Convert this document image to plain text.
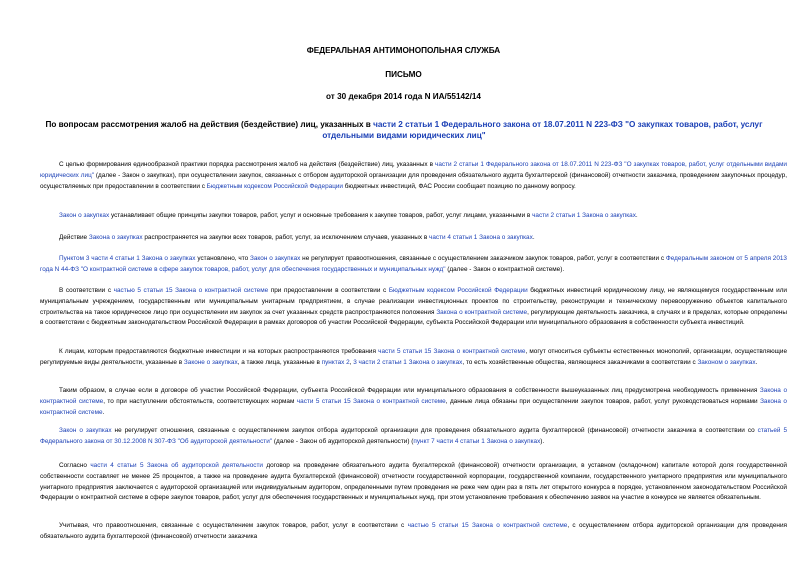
ФЕДЕРАЛЬНАЯ АНТИМОНОПОЛЬНАЯ СЛУЖБА
ПИСЬМО
от 30 декабря 2014 года N ИА/55142/14
По вопросам рассмотрения жалоб на действия (бездействие) лиц, указанных в части 2 статьи 1 Федерального закона от 18.07.2011 N 223-ФЗ "О закупках товаров, работ, услуг отдельными видами юридических лиц"
С целью формирования единообразной практики порядка рассмотрения жалоб на действия (бездействие) лиц, указанных в части 2 статьи 1 Федерального закона от 18.07.2011 N 223-ФЗ "О закупках товаров, работ, услуг отдельными видами юридических лиц" (далее - Закон о закупках), при осуществлении закупок, связанных с отбором аудиторской организации для проведения обязательного аудита бухгалтерской (финансовой) отчетности заказчика, проведением закупочных процедур, осуществляемых при предоставлении в соответствии с Бюджетным кодексом Российской Федерации бюджетных инвестиций, ФАС России сообщает позицию по данному вопросу.
Закон о закупках устанавливает общие принципы закупки товаров, работ, услуг и основные требования к закупке товаров, работ, услуг лицами, указанными в части 2 статьи 1 Закона о закупках.
Действие Закона о закупках распространяется на закупки всех товаров, работ, услуг, за исключением случаев, указанных в части 4 статьи 1 Закона о закупках.
Пунктом 3 части 4 статьи 1 Закона о закупках установлено, что Закон о закупках не регулирует правоотношения, связанные с осуществлением заказчиком закупок товаров, работ, услуг в соответствии с Федеральным законом от 5 апреля 2013 года N 44-ФЗ "О контрактной системе в сфере закупок товаров, работ, услуг для обеспечения государственных и муниципальных нужд" (далее - Закон о контрактной системе).
В соответствии с частью 5 статьи 15 Закона о контрактной системе при предоставлении в соответствии с Бюджетным кодексом Российской Федерации бюджетных инвестиций юридическому лицу, не являющемуся государственным или муниципальным учреждением, государственным или муниципальным унитарным предприятием, в случае реализации инвестиционных проектов по строительству, реконструкции и техническому перевооружению объектов капитального строительства на такое юридическое лицо при осуществлении им закупок за счет указанных средств распространяются положения Закона о контрактной системе, регулирующие деятельность заказчика, в случаях и в пределах, которые определены в соответствии с бюджетным законодательством Российской Федерации в рамках договоров об участии Российской Федерации, субъекта Российской Федерации или муниципального образования в собственности субъекта инвестиций.
К лицам, которым предоставляются бюджетные инвестиции и на которых распространяются требования части 5 статьи 15 Закона о контрактной системе, могут относиться субъекты естественных монополий, организации, осуществляющие регулируемые виды деятельности, указанные в Законе о закупках, а также лица, указанные в пунктах 2, 3 части 2 статьи 1 Закона о закупках, то есть хозяйственные общества, являющиеся заказчиками в соответствии с Законом о закупках.
Таким образом, в случае если в договоре об участии Российской Федерации, субъекта Российской Федерации или муниципального образования в собственности вышеуказанных лиц предусмотрена необходимость применения Закона о контрактной системе, то при наступлении обстоятельств, соответствующих нормам части 5 статьи 15 Закона о контрактной системе, данные лица обязаны при осуществлении закупок товаров, работ, услуг руководствоваться нормами Закона о контрактной системе.
Закон о закупках не регулирует отношения, связанные с осуществлением закупок отбора аудиторской организации для проведения обязательного аудита бухгалтерской (финансовой) отчетности заказчика в соответствии со статьей 5 Федерального закона от 30.12.2008 N 307-ФЗ "Об аудиторской деятельности" (далее - Закон об аудиторской деятельности) (пункт 7 части 4 статьи 1 Закона о закупках).
Согласно части 4 статьи 5 Закона об аудиторской деятельности договор на проведение обязательного аудита бухгалтерской (финансовой) отчетности организации, в уставном (складочном) капитале которой доля государственной собственности составляет не менее 25 процентов, а также на проведение аудита бухгалтерской (финансовой) отчетности государственной корпорации, государственной компании, государственного унитарного предприятия или муниципального унитарного предприятия заключается с аудиторской организацией или индивидуальным аудитором, определенными путем проведения не реже чем один раз в пять лет открытого конкурса в порядке, установленном законодательством Российской Федерации о контрактной системе в сфере закупок товаров, работ, услуг для обеспечения государственных и муниципальных нужд, при этом установление требования к обеспечению заявок на участие в конкурсе не является обязательным.
Учитывая, что правоотношения, связанные с осуществлением закупок товаров, работ, услуг в соответствии с частью 5 статьи 15 Закона о контрактной системе, с осуществлением отбора аудиторской организации для проведения обязательного аудита бухгалтерской (финансовой) отчетности заказчика
